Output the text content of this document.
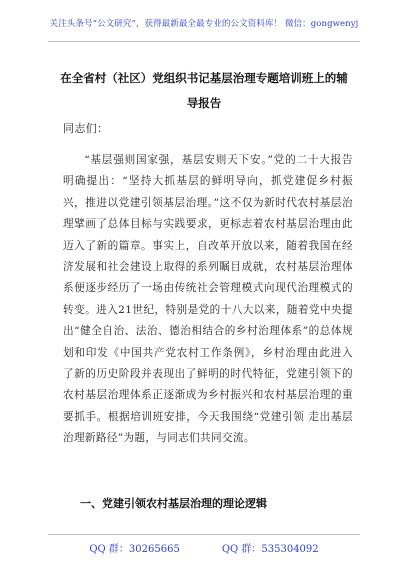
关注头条号“公文研究”，获得最新最全最专业的公文资料库！ 微信：gongwenyj
在全省村（社区）党组织书记基层治理专题培训班上的辅导报告
同志们：
“基层强则国家强，基层安则天下安。”党的二十大报告明确提出：“坚持大抓基层的鲜明导向，抓党建促乡村振兴，推进以党建引领基层治理。”这不仅为新时代农村基层治理擘画了总体目标与实践要求，更标志着农村基层治理由此迈入了新的篇章。事实上，自改革开放以来，随着我国在经济发展和社会建设上取得的系列瞩目成就，农村基层治理体系便逐步经历了一场由传统社会管理模式向现代治理模式的转变。进入21世纪，特别是党的十八大以来，随着党中央提出“健全自治、法治、德治相结合的乡村治理体系”的总体规划和印发《中国共产党农村工作条例》，乡村治理由此进入了新的历史阶段并表现出了鲜明的时代特征，党建引领下的农村基层治理体系正逐渐成为乡村振兴和农村基层治理的重要抓手。根据培训班安排，今天我围绕“党建引领 走出基层治理新路径”为题，与同志们共同交流。
一、党建引领农村基层治理的理论逻辑
QQ 群：30265665	QQ 群：535304092
